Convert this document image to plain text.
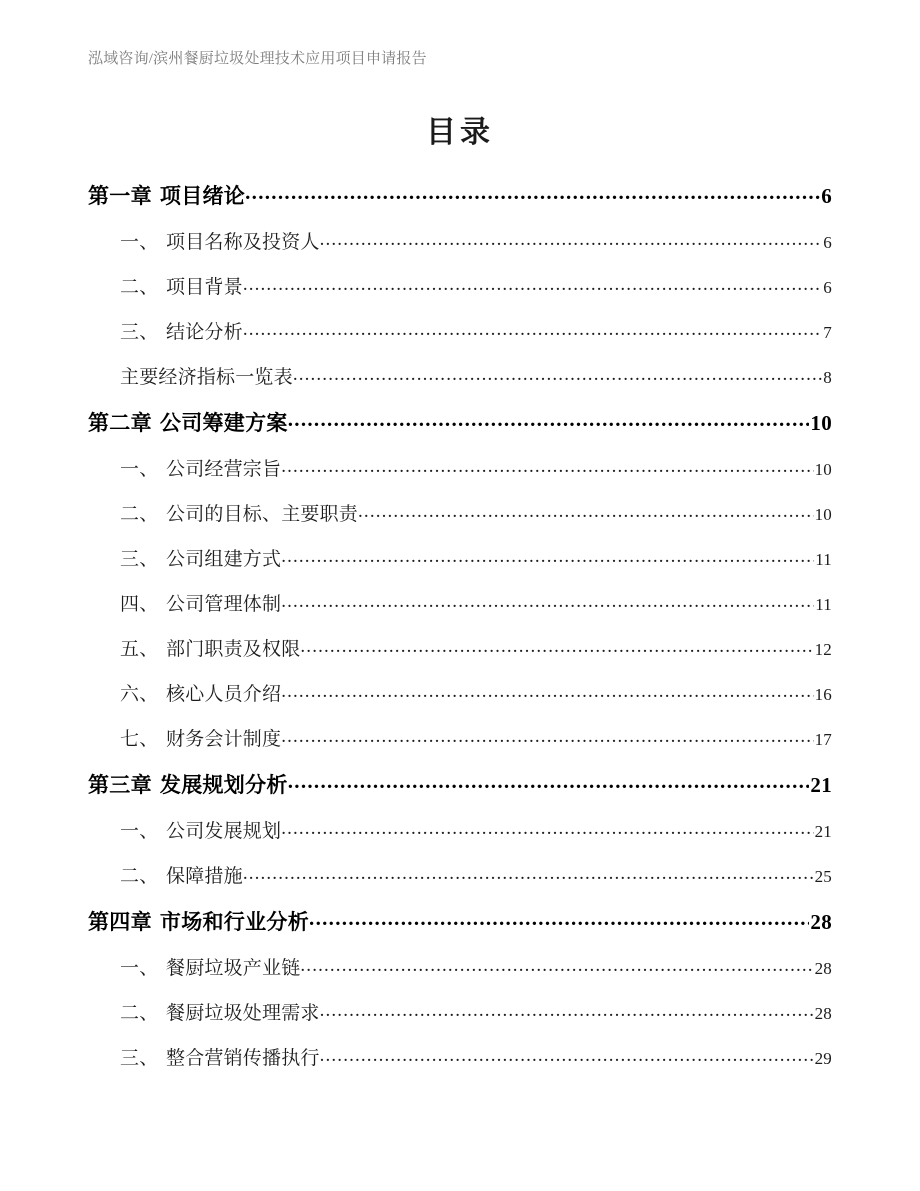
泓域咨询/滨州餐厨垃圾处理技术应用项目申请报告
目录
第一章 项目绪论 .....	6
一、 项目名称及投资人 .....	6
二、 项目背景 .....	6
三、 结论分析 .....	7
主要经济指标一览表 .....	8
第二章 公司筹建方案 .....	10
一、 公司经营宗旨 .....	10
二、 公司的目标、主要职责 .....	10
三、 公司组建方式 .....	11
四、 公司管理体制 .....	11
五、 部门职责及权限 .....	12
六、 核心人员介绍 .....	16
七、 财务会计制度 .....	17
第三章 发展规划分析 .....	21
一、 公司发展规划 .....	21
二、 保障措施 .....	25
第四章 市场和行业分析 .....	28
一、 餐厨垃圾产业链 .....	28
二、 餐厨垃圾处理需求 .....	28
三、 整合营销传播执行 .....	29
